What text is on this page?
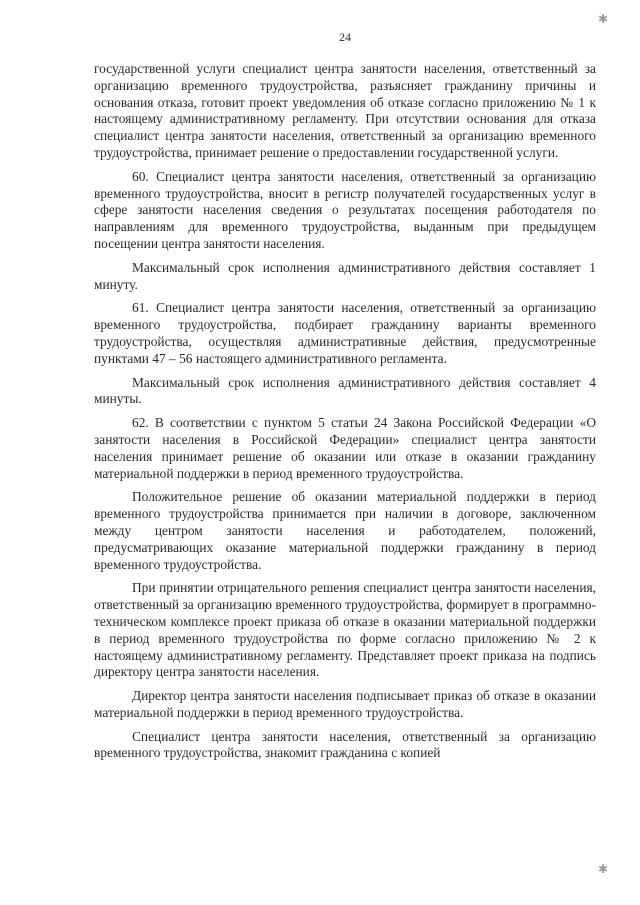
✱
✱
24

государственной услуги специалист центра занятости населения, ответственный за организацию временного трудоустройства, разъясняет гражданину причины и основания отказа, готовит проект уведомления об отказе согласно приложению № 1 к настоящему административному регламенту. При отсутствии основания для отказа специалист центра занятости населения, ответственный за организацию временного трудоустройства, принимает решение о предоставлении государственной услуги.

60. Специалист центра занятости населения, ответственный за организацию временного трудоустройства, вносит в регистр получателей государственных услуг в сфере занятости населения сведения о результатах посещения работодателя по направлениям для временного трудоустройства, выданным при предыдущем посещении центра занятости населения.

Максимальный срок исполнения административного действия составляет 1 минуту.

61. Специалист центра занятости населения, ответственный за организацию временного трудоустройства, подбирает гражданину варианты временного трудоустройства, осуществляя административные действия, предусмотренные пунктами 47 – 56 настоящего административного регламента.

Максимальный срок исполнения административного действия составляет 4 минуты.

62. В соответствии с пунктом 5 статьи 24 Закона Российской Федерации «О занятости населения в Российской Федерации» специалист центра занятости населения принимает решение об оказании или отказе в оказании гражданину материальной поддержки в период временного трудоустройства.

Положительное решение об оказании материальной поддержки в период временного трудоустройства принимается при наличии в договоре, заключенном между центром занятости населения и работодателем, положений, предусматривающих оказание материальной поддержки гражданину в период временного трудоустройства.

При принятии отрицательного решения специалист центра занятости населения, ответственный за организацию временного трудоустройства, формирует в программно-техническом комплексе проект приказа об отказе в оказании материальной поддержки в период временного трудоустройства по форме согласно приложению № 2 к настоящему административному регламенту. Представляет проект приказа на подпись директору центра занятости населения.

Директор центра занятости населения подписывает приказ об отказе в оказании материальной поддержки в период временного трудоустройства.

Специалист центра занятости населения, ответственный за организацию временного трудоустройства, знакомит гражданина с копией
